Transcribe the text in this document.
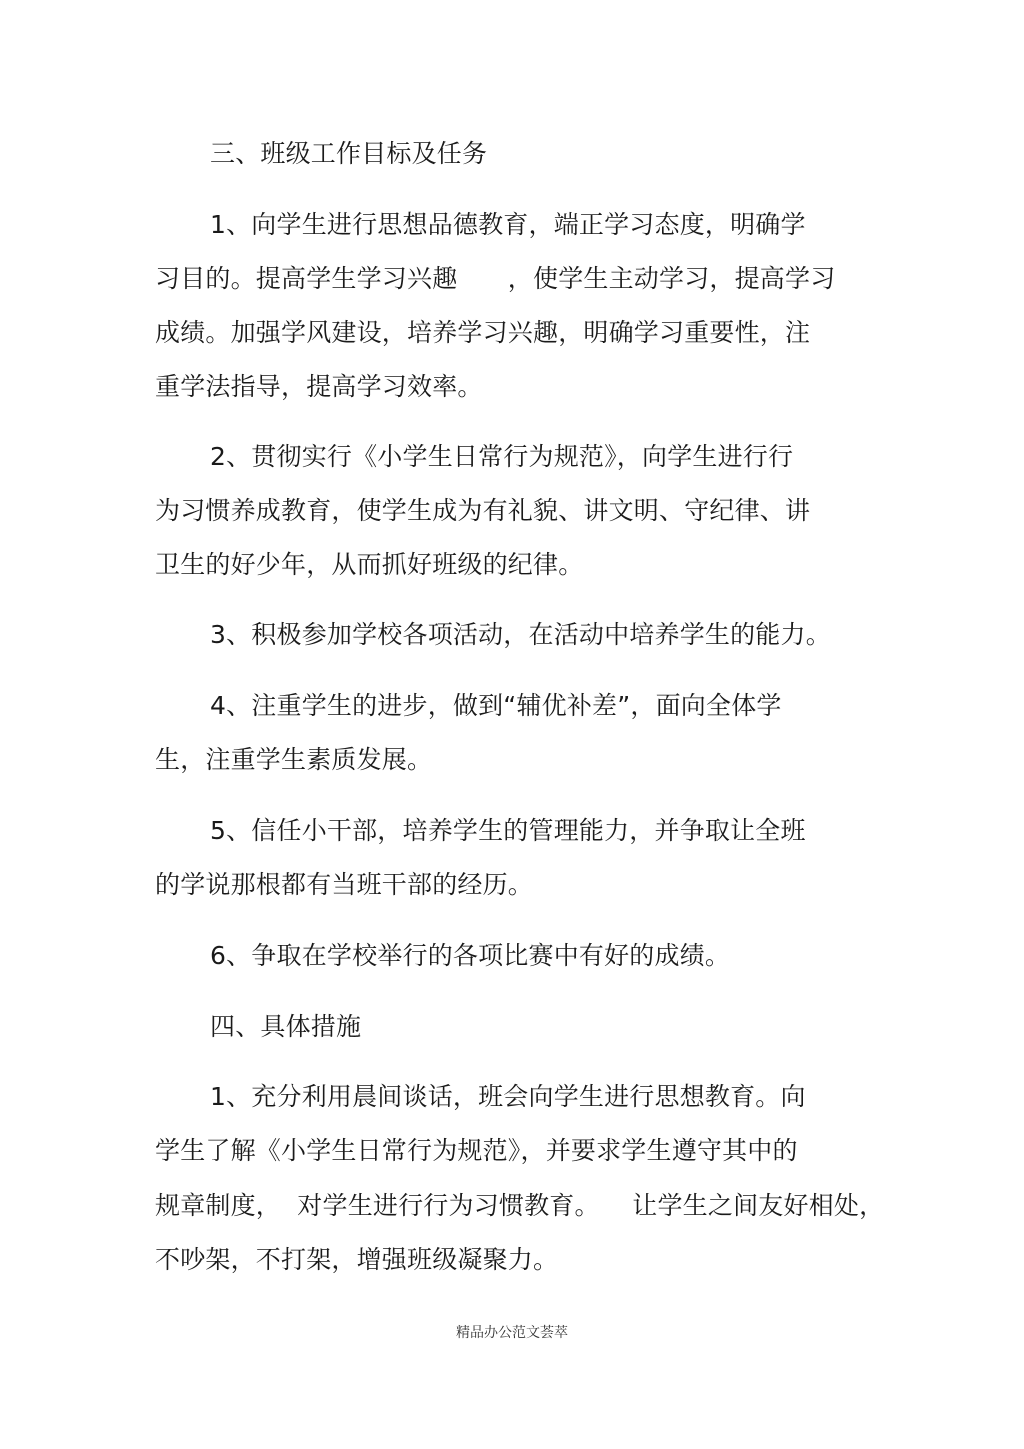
三、班级工作目标及任务
1、向学生进行思想品德教育，端正学习态度，明确学
习目的。提高学生学习兴趣　　，使学生主动学习，提高学习
成绩。加强学风建设，培养学习兴趣，明确学习重要性，注
重学法指导，提高学习效率。
2、贯彻实行《小学生日常行为规范》，向学生进行行
为习惯养成教育，使学生成为有礼貌、讲文明、守纪律、讲
卫生的好少年，从而抓好班级的纪律。
3、积极参加学校各项活动，在活动中培养学生的能力。
4、注重学生的进步，做到“辅优补差”，面向全体学
生，注重学生素质发展。
5、信任小干部，培养学生的管理能力，并争取让全班
的学说那根都有当班干部的经历。
6、争取在学校举行的各项比赛中有好的成绩。
四、具体措施
1、充分利用晨间谈话，班会向学生进行思想教育。向
学生了解《小学生日常行为规范》，并要求学生遵守其中的
规章制度，  对学生进行行为习惯教育。    让学生之间友好相处，
不吵架，不打架，增强班级凝聚力。
精品办公范文荟萃
